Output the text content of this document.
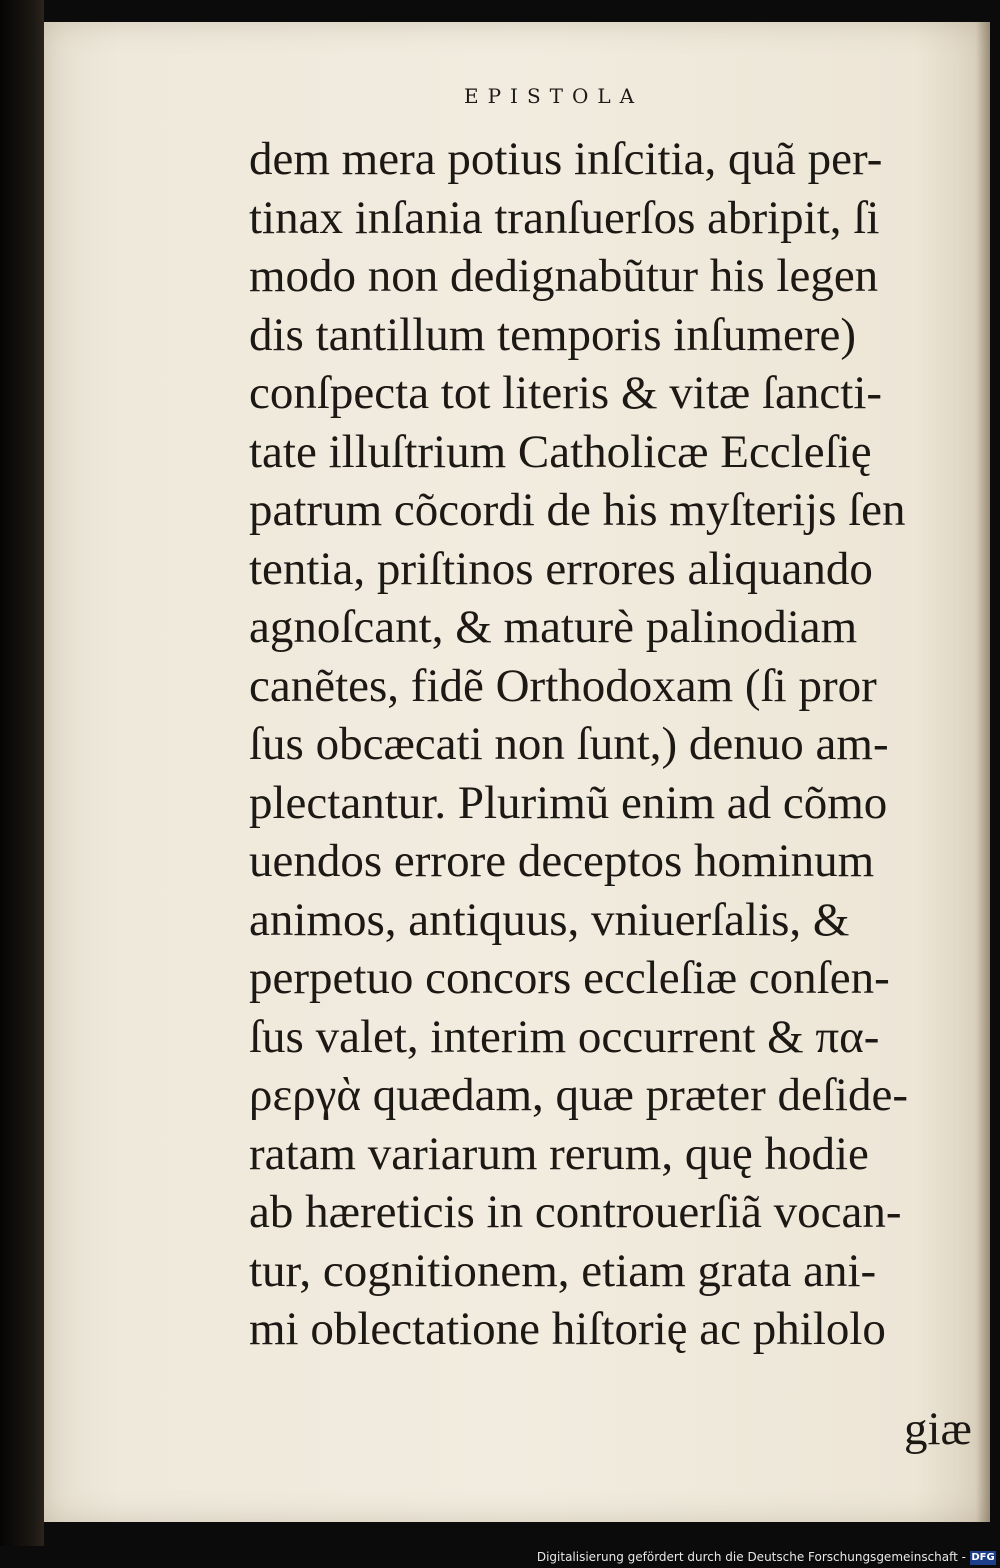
EPISTOLA
dem mera potius inſcitia, quã per-
tinax inſania tranſuerſos abripit, ſi
modo non dedignabũtur his legen
dis tantillum temporis inſumere)
conſpecta tot literis & vitæ ſancti-
tate illuſtrium Catholicæ Eccleſię
patrum cõcordi de his myſterijs ſen
tentia, priſtinos errores aliquando
agnoſcant, & maturè palinodiam
canẽtes, fidẽ Orthodoxam (ſi pror
ſus obcæcati non ſunt,) denuo am-
plectantur. Plurimũ enim ad cõmo
uendos errore deceptos hominum
animos, antiquus, vniuerſalis, &
perpetuo concors eccleſiæ conſen-
ſus valet, interim occurrent & πα-
ρεργὰ quædam, quæ præter deſide-
ratam variarum rerum, quę hodie
ab hæreticis in controuerſiã vocan-
tur, cognitionem, etiam grata ani-
mi oblectatione hiſtorię ac philolo
giæ
Digitalisierung gefördert durch die Deutsche Forschungsgemeinschaft - DFG
